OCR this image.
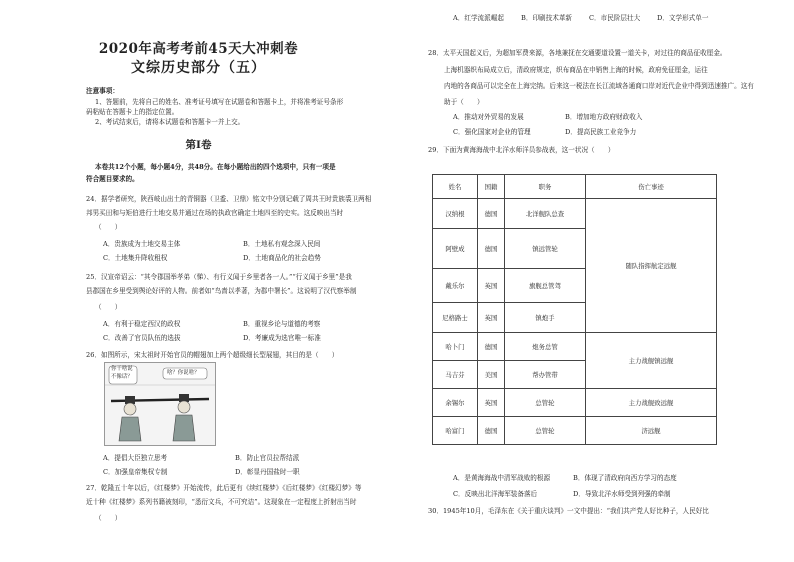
2020年高考考前45天大冲刺卷
文综历史部分（五）
注意事项：
1、答题前，先将自己的姓名、准考证号填写在试题卷和答题卡上，并将准考证号条形
码粘贴在答题卡上的指定位置。
2、考试结束后，请将本试题卷和答题卡一并上交。
第Ⅰ卷
本卷共12个小题，每小题4分，共48分。在每小题给出的四个选项中，只有一项是
符合题目要求的。
24．据学者研究，陕西岐山出土的青铜器（卫盉、卫鼎）铭文中分别记载了周共王时贵族裘卫两相
邦男买田和与矩伯进行土地交易并通过在场的执政官确定土地四至的史实。这反映出当时
（　　）
A．贵族成为土地交易主体	B．土地私有观念深入民间
C．土地集升降收租权	D．土地商品化的社会趋势
25．汉宣帝诏云：“其令郡国举孝弟（悌）、有行义闻于乡里者各一人。”“行义闻于乡里”是我
县郡国在乡里受到舆论好评的人物。前者如“鸟啬以孝著，为郡中署长”。这说明了汉代察举制
（　　）
A．有利于稳定西汉的政权	B．重视乡论与道德的考察
C．改善了官员队伍的选拔	D．考廉成为选官唯一标准
26．如图所示，宋太祖时开始官员的帽翅加上两个超级细长型展翅，其目的是（　　）
你干啥说
不像话？
啥？你说啥？
A．提倡大臣独立思考	B．防止官员拉帮结派
C．加强皇帝集权专制	D．彰显丹国盐时一职
27．乾隆五十年以后，《红楼梦》开始流传，此后更有《续红楼梦》《后红楼梦》《红楼幻梦》等
近十种《红楼梦》系列书籍被刻印，“悉衍文兵，不可究诘”。这现象在一定程度上折射出当时
（　　）
A．红学流派崛起	B．印刷技术革新	C．市民阶层壮大	D．文学形式单一
28．太平天国起义后，为超加军费来源，各地兼抚在交通要道设置一道关卡，对过往的商品征收厘金。
上海机器织布局成立后，清政府规定，织布商品在申销售上海的时候，政府免征厘金，运往
内地的各商品可以完全在上海完纳。后来这一税法在长江流域各通商口岸对近代企业中得到迅速推广。这有
助于（　　）
A．推动对外贸易的发展	B．增加地方政府财政收入
C．强化国家对企业的管理	D．提高民族工业竞争力
29．下面为黄海海战中北洋水师洋员参战表，这一状况（　　）
A．是黄海海战中清军战败的根源	B．体现了清政府向西方学习的态度
C．反映出北洋海军装备落后	D．导致北洋水师受到列强的牵制
30．1945年10月，毛泽东在《关于重庆谈判》一文中提出：“我们共产党人好比种子，人民好比
姓名	国籍	职务	伤亡事迹
汉纳根	德国	北洋舰队总查	随队指挥航定远舰
阿壁成	德国	镇远管轮	
戴乐尔	英国	旗舰总管驾	
尼格路士	英国	镇炮手	
哈卜门	德国	炮务总管	主力战舰镇远舰
马吉芬	美国	帮办管带	
余锡尔	英国	总管轮	主力战舰致远舰
哈富门	德国	总管轮	济远舰
